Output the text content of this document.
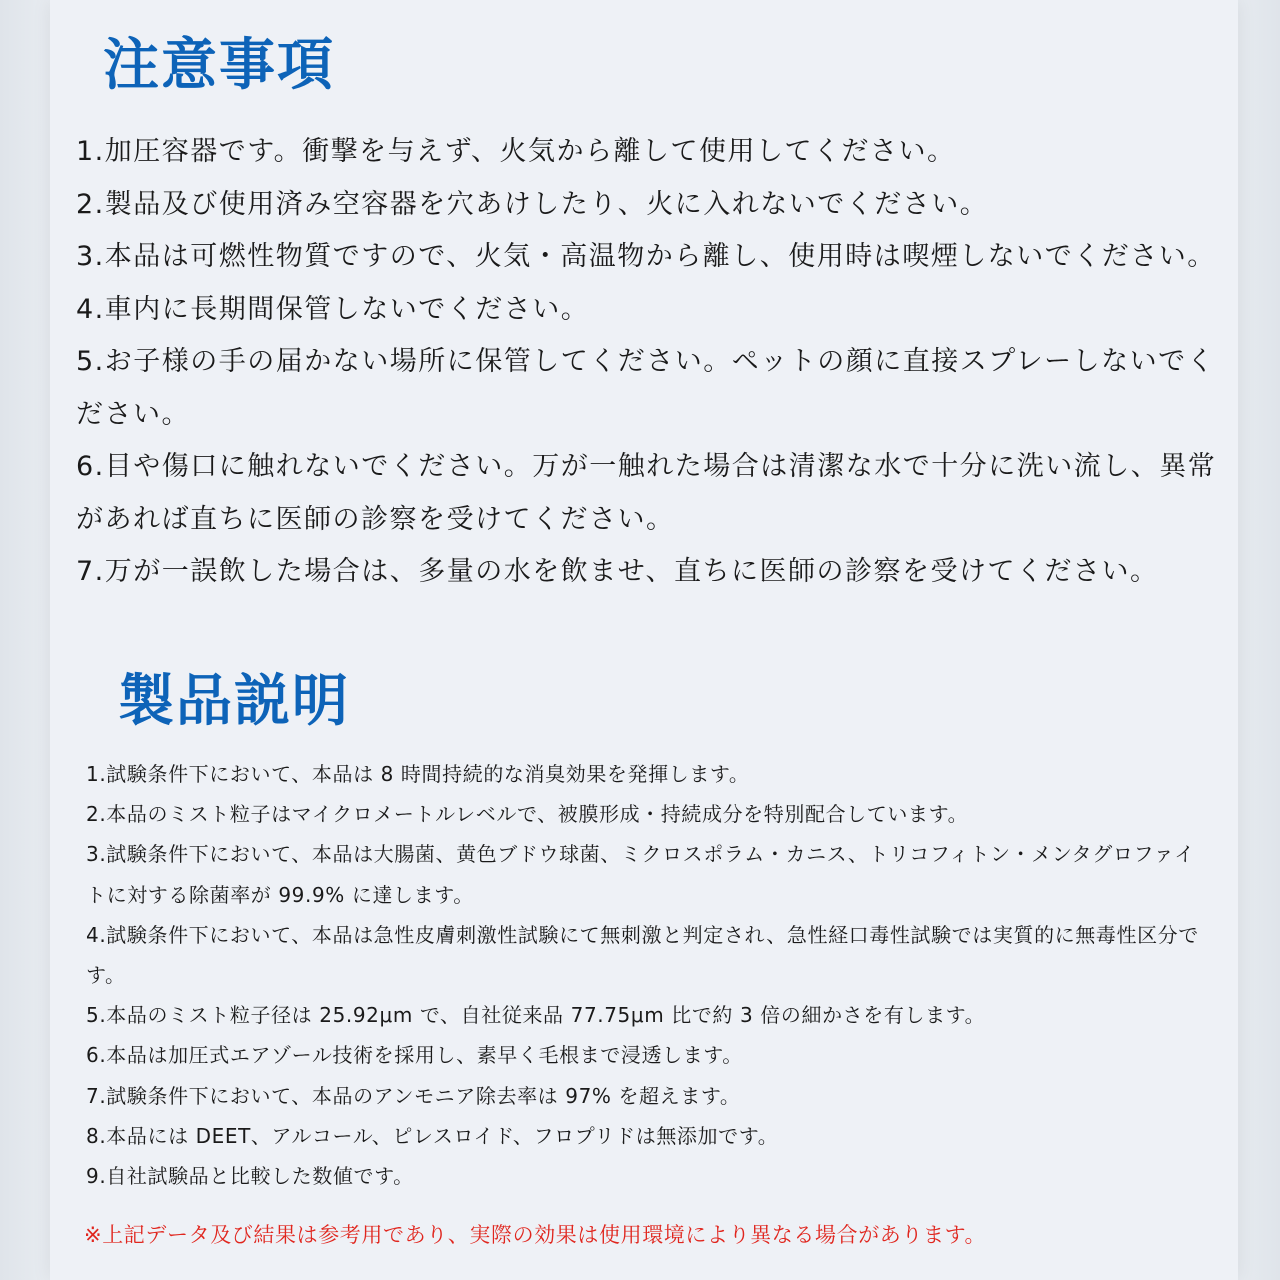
注意事項
1.加圧容器です。衝撃を与えず、火気から離して使用してください。
2.製品及び使用済み空容器を穴あけしたり、火に入れないでください。
3.本品は可燃性物質ですので、火気・高温物から離し、使用時は喫煙しないでください。
4.車内に長期間保管しないでください。
5.お子様の手の届かない場所に保管してください。ペットの顔に直接スプレーしないでください。
6.目や傷口に触れないでください。万が一触れた場合は清潔な水で十分に洗い流し、異常があれば直ちに医師の診察を受けてください。
7.万が一誤飲した場合は、多量の水を飲ませ、直ちに医師の診察を受けてください。
製品説明
1.試験条件下において、本品は 8 時間持続的な消臭効果を発揮します。
2.本品のミスト粒子はマイクロメートルレベルで、被膜形成・持続成分を特別配合しています。
3.試験条件下において、本品は大腸菌、黄色ブドウ球菌、ミクロスポラム・カニス、トリコフィトン・メンタグロファイトに対する除菌率が 99.9% に達します。
4.試験条件下において、本品は急性皮膚刺激性試験にて無刺激と判定され、急性経口毒性試験では実質的に無毒性区分です。
5.本品のミスト粒子径は 25.92μm で、自社従来品 77.75μm 比で約 3 倍の細かさを有します。
6.本品は加圧式エアゾール技術を採用し、素早く毛根まで浸透します。
7.試験条件下において、本品のアンモニア除去率は 97% を超えます。
8.本品には DEET、アルコール、ピレスロイド、フロプリドは無添加です。
9.自社試験品と比較した数値です。

※上記データ及び結果は参考用であり、実際の効果は使用環境により異なる場合があります。
